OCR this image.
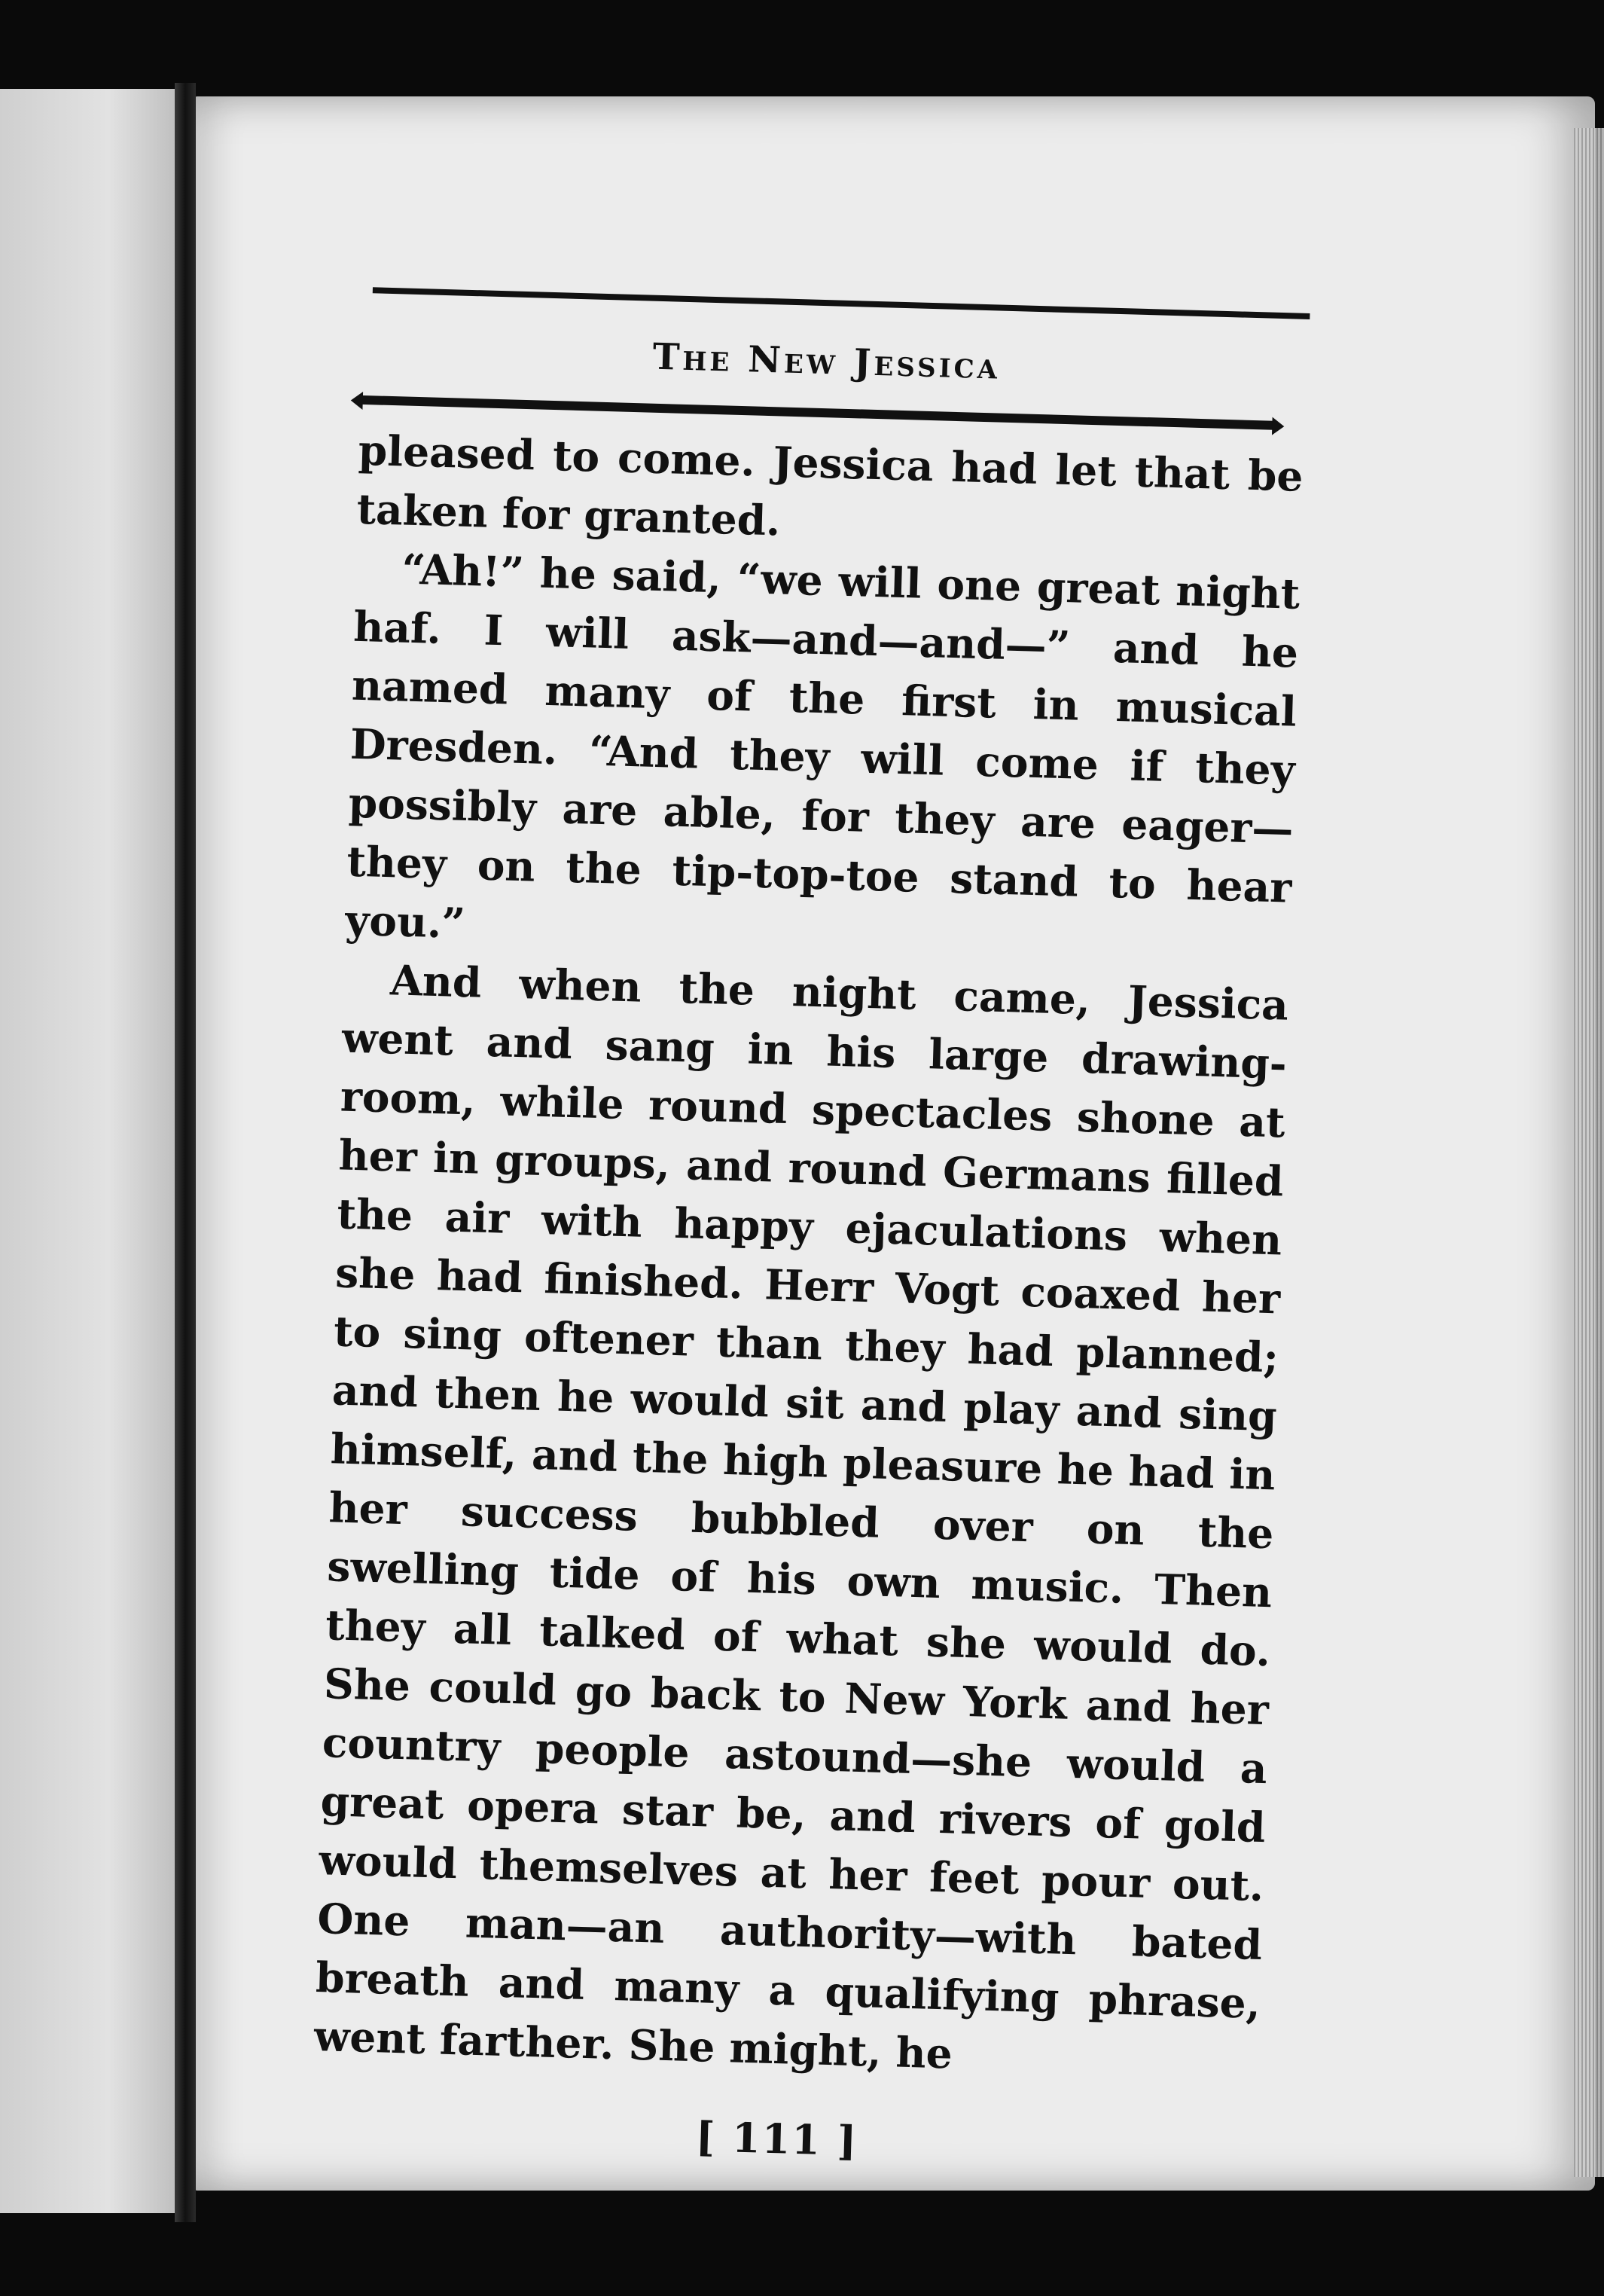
The New Jessica

pleased to come. Jessica had let that be taken for granted.

“Ah!” he said, “we will one great night haf. I will ask—and—and—” and he named many of the first in musical Dresden. “And they will come if they possibly are able, for they are eager—they on the tip-top-toe stand to hear you.”

And when the night came, Jessica went and sang in his large drawing-room, while round spectacles shone at her in groups, and round Germans filled the air with happy ejaculations when she had finished. Herr Vogt coaxed her to sing oftener than they had planned; and then he would sit and play and sing himself, and the high pleasure he had in her success bubbled over on the swelling tide of his own music. Then they all talked of what she would do. She could go back to New York and her country people astound—she would a great opera star be, and rivers of gold would themselves at her feet pour out. One man—an authority—with bated breath and many a qualifying phrase, went farther. She might, he

[ 111 ]
